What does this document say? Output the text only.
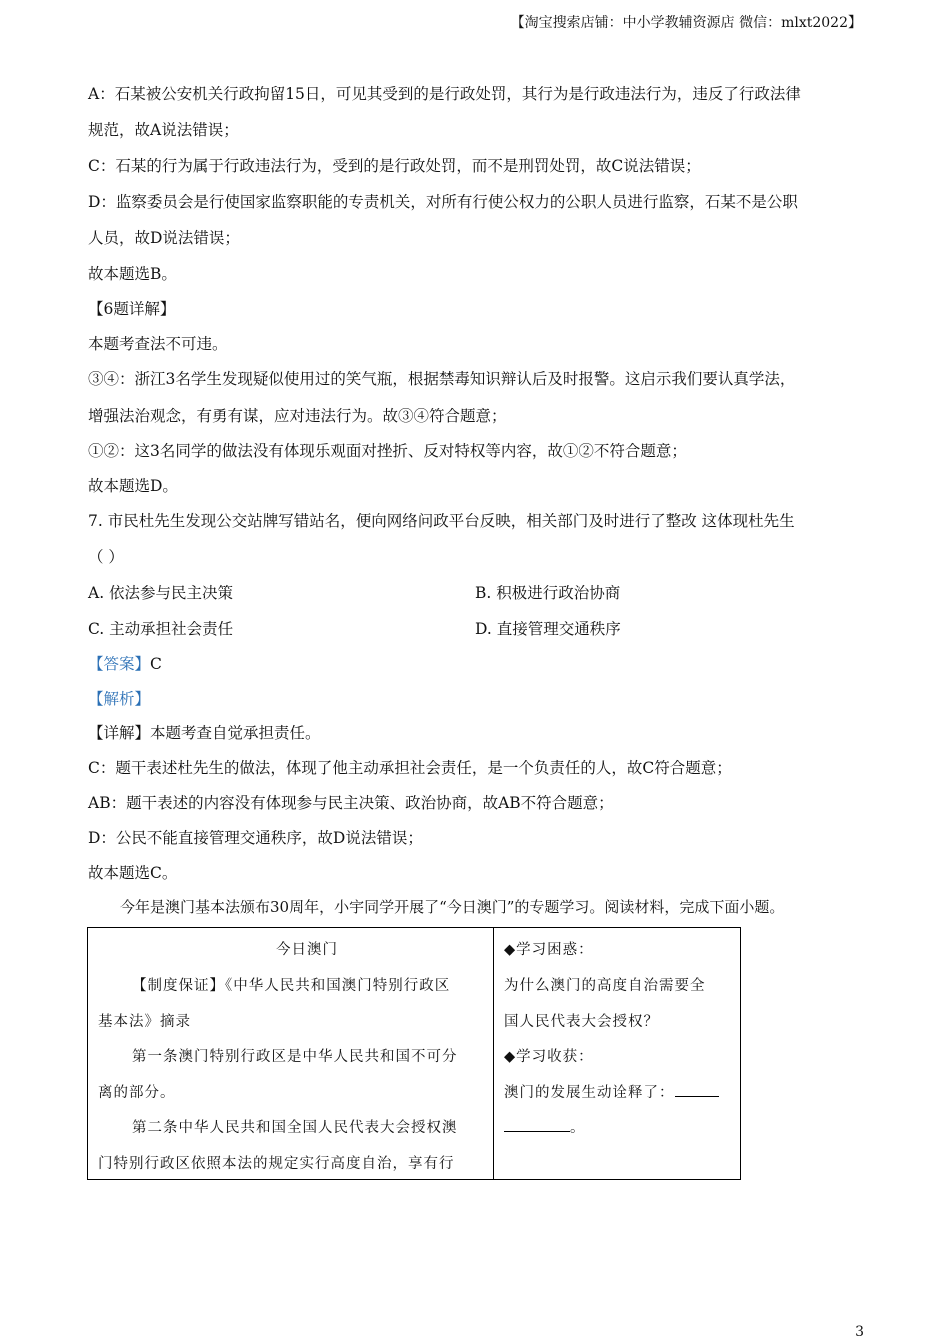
【淘宝搜索店铺：中小学教辅资源店 微信：mlxt2022】
A：石某被公安机关行政拘留15日，可见其受到的是行政处罚，其行为是行政违法行为，违反了行政法律
规范，故A说法错误；
C：石某的行为属于行政违法行为，受到的是行政处罚，而不是刑罚处罚，故C说法错误；
D：监察委员会是行使国家监察职能的专责机关，对所有行使公权力的公职人员进行监察，石某不是公职
人员，故D说法错误；
故本题选B。
【6题详解】
本题考查法不可违。
③④：浙江3名学生发现疑似使用过的笑气瓶，根据禁毒知识辩认后及时报警。这启示我们要认真学法，
增强法治观念，有勇有谋，应对违法行为。故③④符合题意；
①②：这3名同学的做法没有体现乐观面对挫折、反对特权等内容，故①②不符合题意；
故本题选D。
7. 市民杜先生发现公交站牌写错站名，便向网络问政平台反映，相关部门及时进行了整改 这体现杜先生
（ ）
A. 依法参与民主决策	B. 积极进行政治协商
C. 主动承担社会责任	D. 直接管理交通秩序
【答案】C
【解析】
【详解】本题考查自觉承担责任。
C：题干表述杜先生的做法，体现了他主动承担社会责任，是一个负责任的人，故C符合题意；
AB：题干表述的内容没有体现参与民主决策、政治协商，故AB不符合题意；
D：公民不能直接管理交通秩序，故D说法错误；
故本题选C。
今年是澳门基本法颁布30周年，小宇同学开展了“今日澳门”的专题学习。阅读材料，完成下面小题。
今日澳门
【制度保证】《中华人民共和国澳门特别行政区
基本法》摘录
第一条澳门特别行政区是中华人民共和国不可分
离的部分。
第二条中华人民共和国全国人民代表大会授权澳
门特别行政区依照本法的规定实行高度自治，享有行
◆学习困惑：
为什么澳门的高度自治需要全
国人民代表大会授权？
◆学习收获：
澳门的发展生动诠释了：
。
3
